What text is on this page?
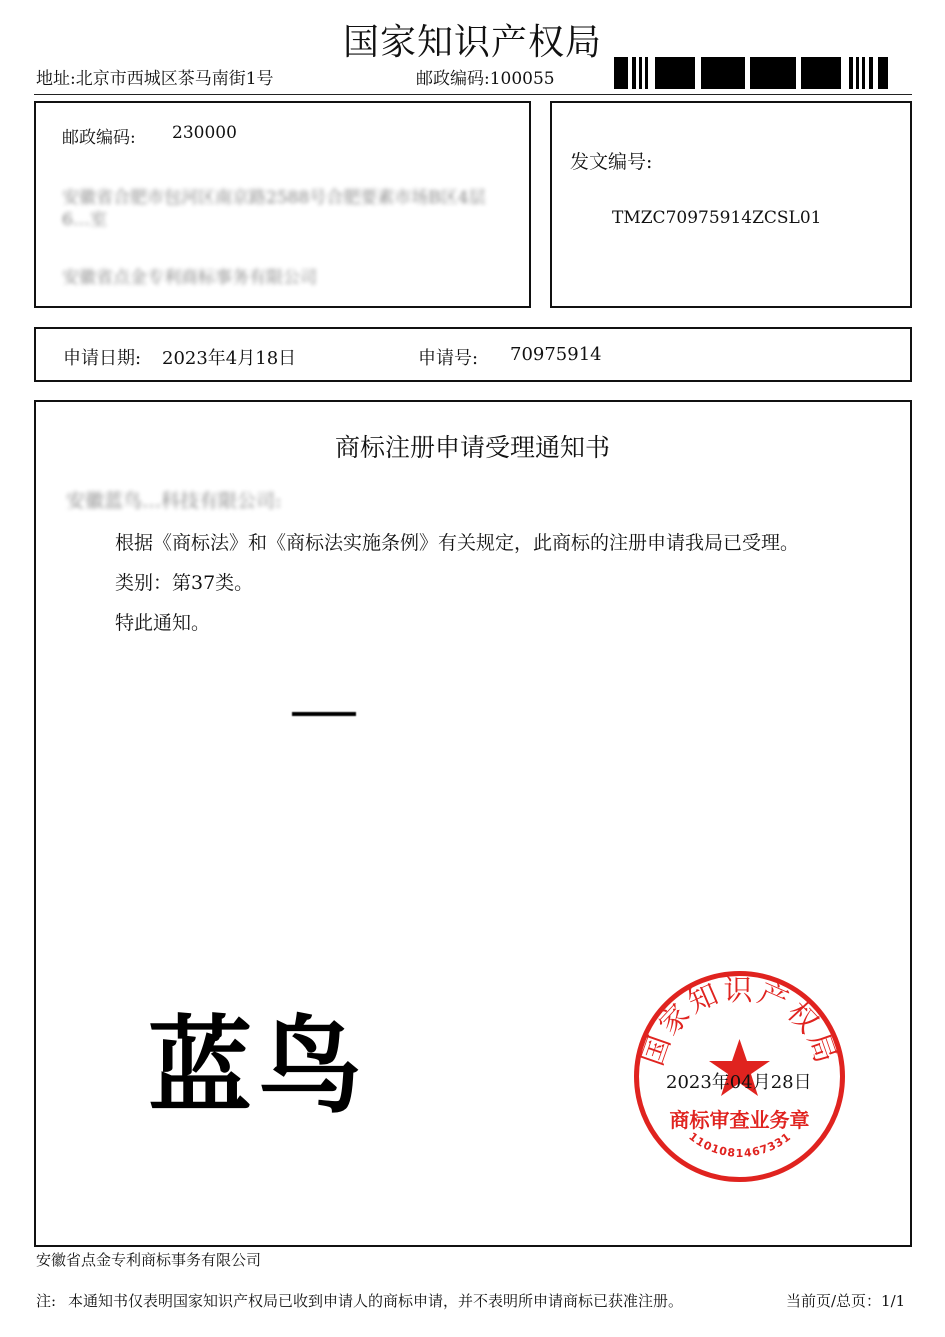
国家知识产权局
地址:北京市西城区茶马南街1号	邮政编码:100055
邮政编码: 230000
安徽省合肥市包河区南京路2588号合肥要素市场B区4层
6…室
安徽省点金专利商标事务有限公司
发文编号:
TMZC70975914ZCSL01
申请日期: 2023年4月18日	申请号: 70975914
商标注册申请受理通知书
安徽蓝鸟…科技有限公司:
根据《商标法》和《商标法实施条例》有关规定，此商标的注册申请我局已受理。
类别：第37类。
特此通知。
蓝鸟	国家知识产权局
商标审查业务章
1101081467331
2023年04月28日
安徽省点金专利商标事务有限公司
注: 本通知书仅表明国家知识产权局已收到申请人的商标申请，并不表明所申请商标已获准注册。	当前页/总页：1/1
